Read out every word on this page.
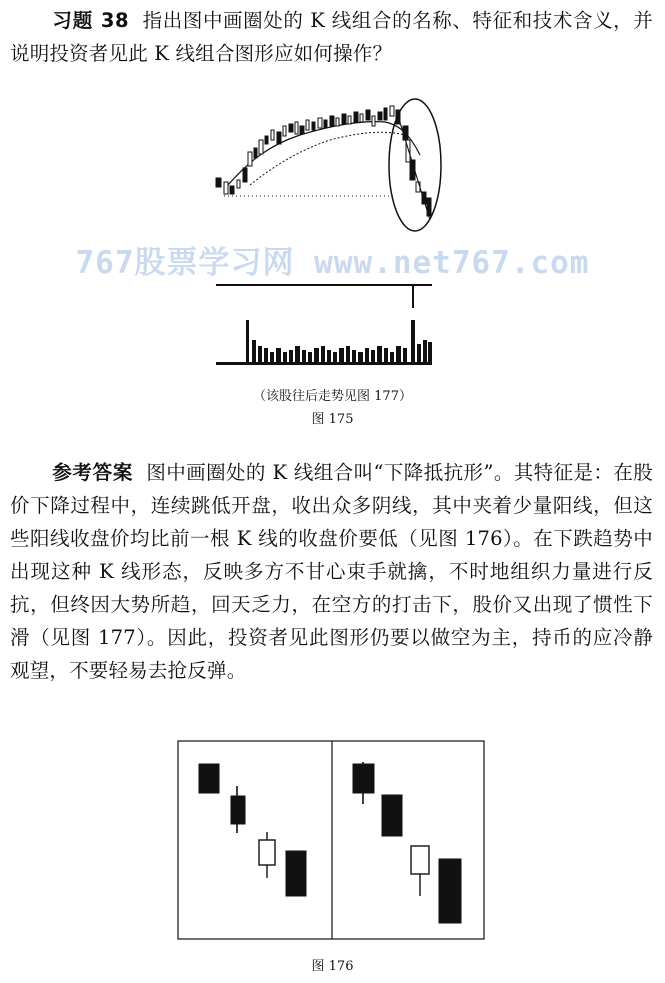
习题 38 指出图中画圈处的 K 线组合的名称、特征和技术含义，并说明投资者见此 K 线组合图形应如何操作？
767股票学习网 www.net767.com
（该股往后走势见图 177）
图 175
参考答案 图中画圈处的 K 线组合叫“下降抵抗形”。其特征是：在股价下降过程中，连续跳低开盘，收出众多阴线，其中夹着少量阳线，但这些阳线收盘价均比前一根 K 线的收盘价要低（见图 176）。在下跌趋势中出现这种 K 线形态，反映多方不甘心束手就擒，不时地组织力量进行反抗，但终因大势所趋，回天乏力，在空方的打击下，股价又出现了惯性下滑（见图 177）。因此，投资者见此图形仍要以做空为主，持币的应冷静观望，不要轻易去抢反弹。
图 176
